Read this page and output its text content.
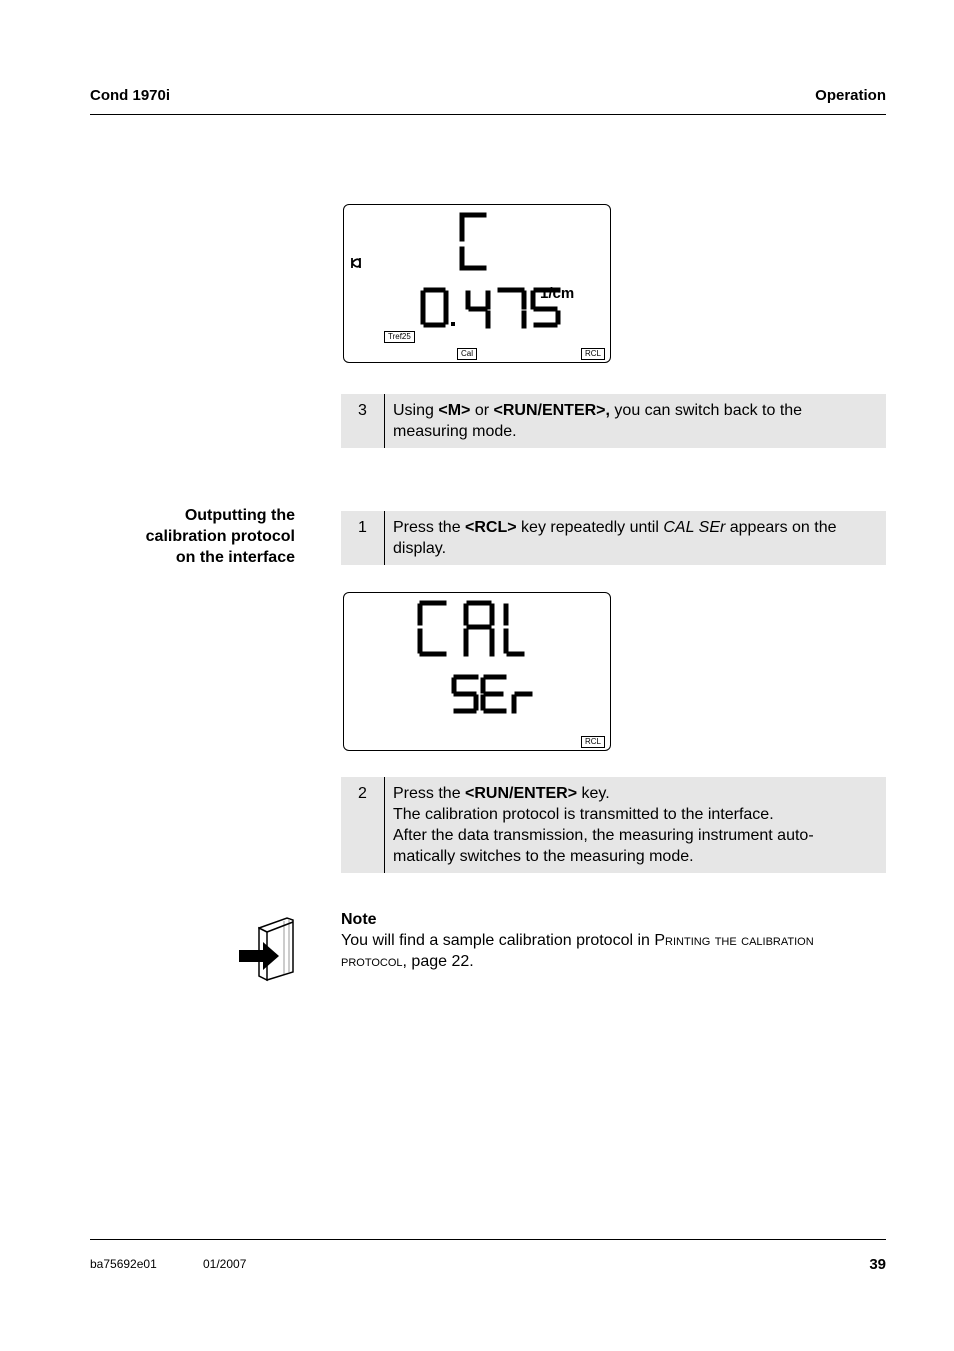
Cond 1970i	Operation
1/cm
Tref25
Cal	RCL
3	Using <M> or <RUN/ENTER>, you can switch back to the measuring mode.
Outputting the
calibration protocol
on the interface
1	Press the <RCL> key repeatedly until CAL SEr appears on the display.
RCL
2	Press the <RUN/ENTER> key.
The calibration protocol is transmitted to the interface.
After the data transmission, the measuring instrument auto-
matically switches to the measuring mode.
Note
You will find a sample calibration protocol in Printing the calibration
protocol, page 22.
ba75692e01	01/2007	39
